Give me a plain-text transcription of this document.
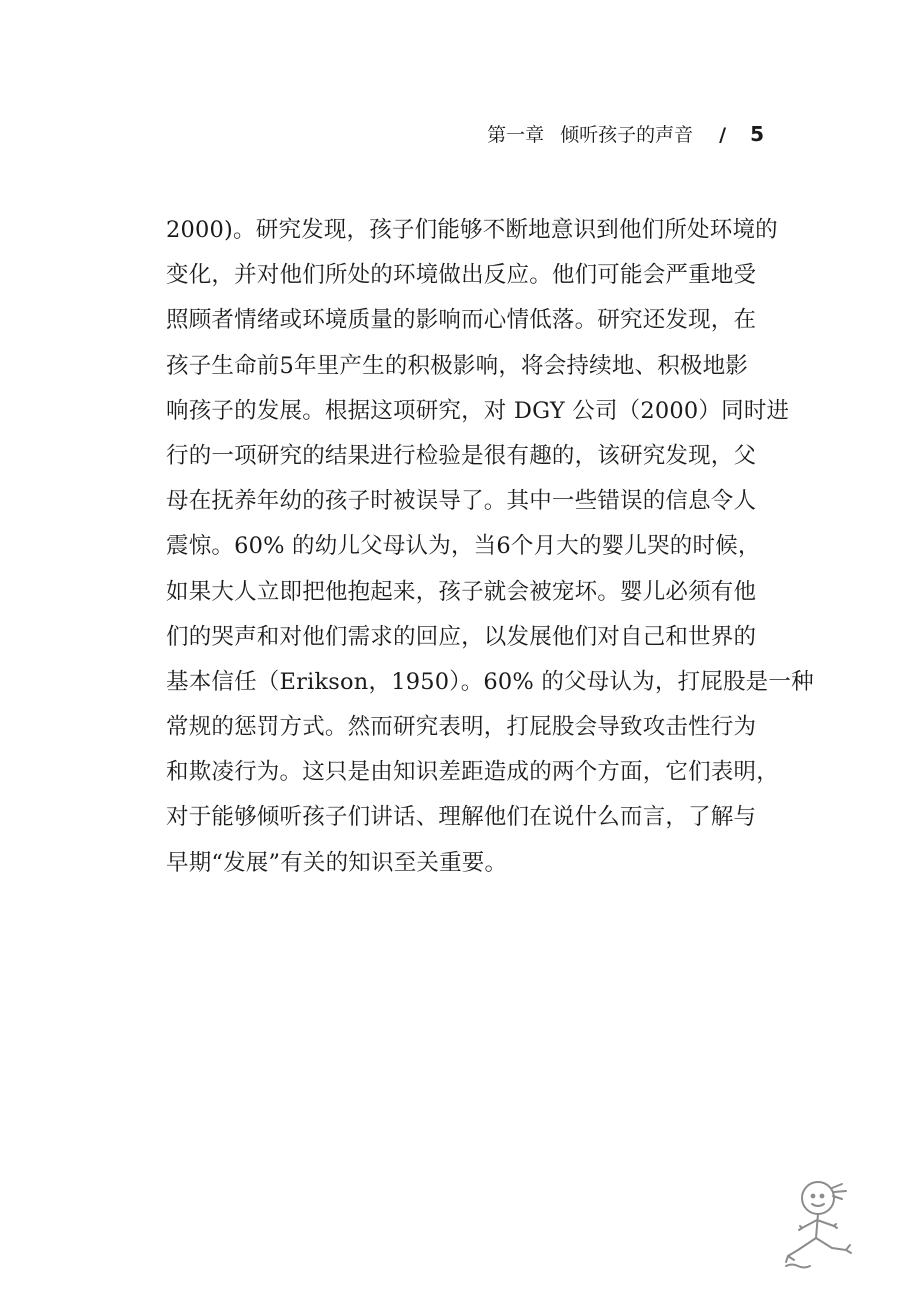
第一章 倾听孩子的声音 / 5
2000)。研究发现，孩子们能够不断地意识到他们所处环境的
变化，并对他们所处的环境做出反应。他们可能会严重地受
照顾者情绪或环境质量的影响而心情低落。研究还发现，在
孩子生命前5年里产生的积极影响，将会持续地、积极地影
响孩子的发展。根据这项研究，对 DGY 公司（2000）同时进
行的一项研究的结果进行检验是很有趣的，该研究发现，父
母在抚养年幼的孩子时被误导了。其中一些错误的信息令人
震惊。60% 的幼儿父母认为，当6个月大的婴儿哭的时候，
如果大人立即把他抱起来，孩子就会被宠坏。婴儿必须有他
们的哭声和对他们需求的回应，以发展他们对自己和世界的
基本信任（Erikson，1950）。60% 的父母认为，打屁股是一种
常规的惩罚方式。然而研究表明，打屁股会导致攻击性行为
和欺凌行为。这只是由知识差距造成的两个方面，它们表明，
对于能够倾听孩子们讲话、理解他们在说什么而言，了解与
早期“发展”有关的知识至关重要。
